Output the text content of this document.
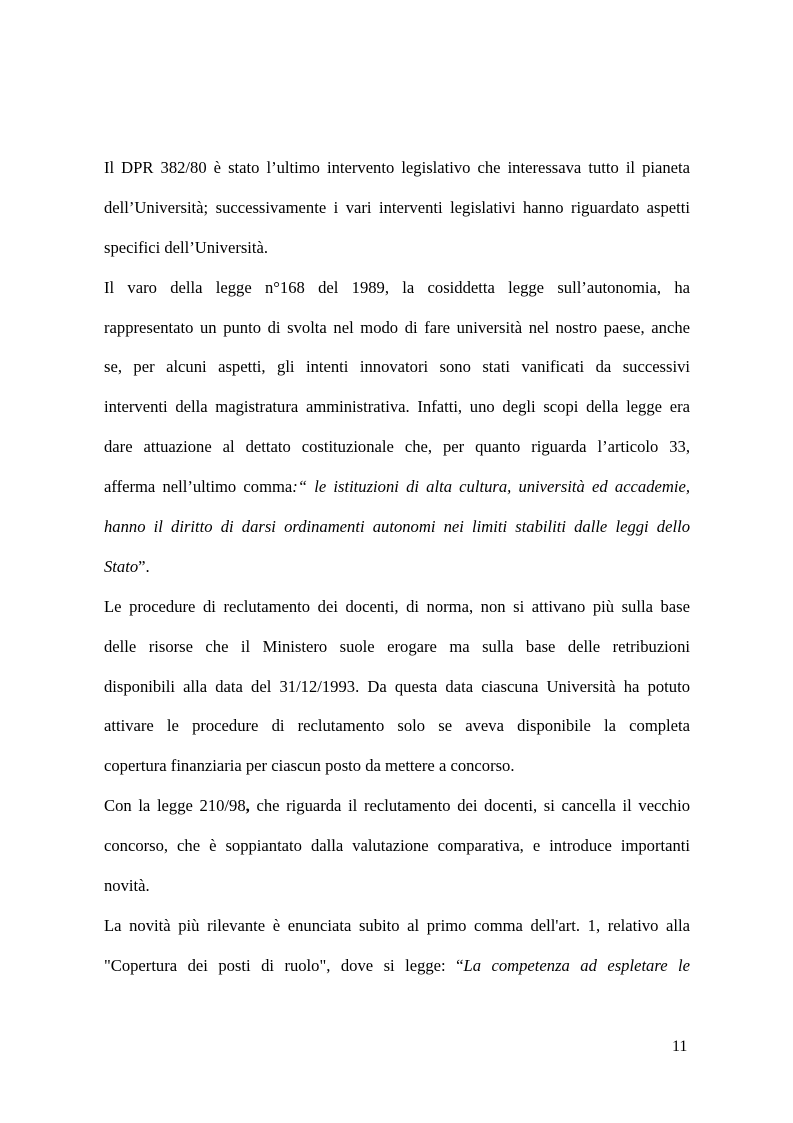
Il DPR 382/80 è stato l’ultimo intervento legislativo che interessava tutto il pianeta
dell’Università; successivamente i vari interventi legislativi hanno riguardato aspetti
specifici dell’Università.
Il varo della legge n°168 del 1989, la cosiddetta legge sull’autonomia, ha
rappresentato un punto di svolta nel modo di fare università nel nostro paese, anche
se, per alcuni aspetti, gli intenti innovatori sono stati vanificati da successivi
interventi della magistratura amministrativa. Infatti, uno degli scopi della legge era
dare attuazione al dettato costituzionale che, per quanto riguarda l’articolo 33,
afferma nell’ultimo comma:“ le istituzioni di alta cultura, università ed accademie,
hanno il diritto di darsi ordinamenti autonomi nei limiti stabiliti dalle leggi dello
Stato”.
Le procedure di reclutamento dei docenti, di norma, non si attivano più sulla base
delle risorse che il Ministero suole erogare ma sulla base delle retribuzioni
disponibili alla data del 31/12/1993. Da questa data ciascuna Università ha potuto
attivare le procedure di reclutamento solo se aveva disponibile la completa
copertura finanziaria per ciascun posto da mettere a concorso.
Con la legge 210/98, che riguarda il reclutamento dei docenti, si cancella il vecchio
concorso, che è soppiantato dalla valutazione comparativa, e introduce importanti
novità.
La novità più rilevante è enunciata subito al primo comma dell'art. 1, relativo alla
"Copertura dei posti di ruolo", dove si legge: “La competenza ad espletare le
11
